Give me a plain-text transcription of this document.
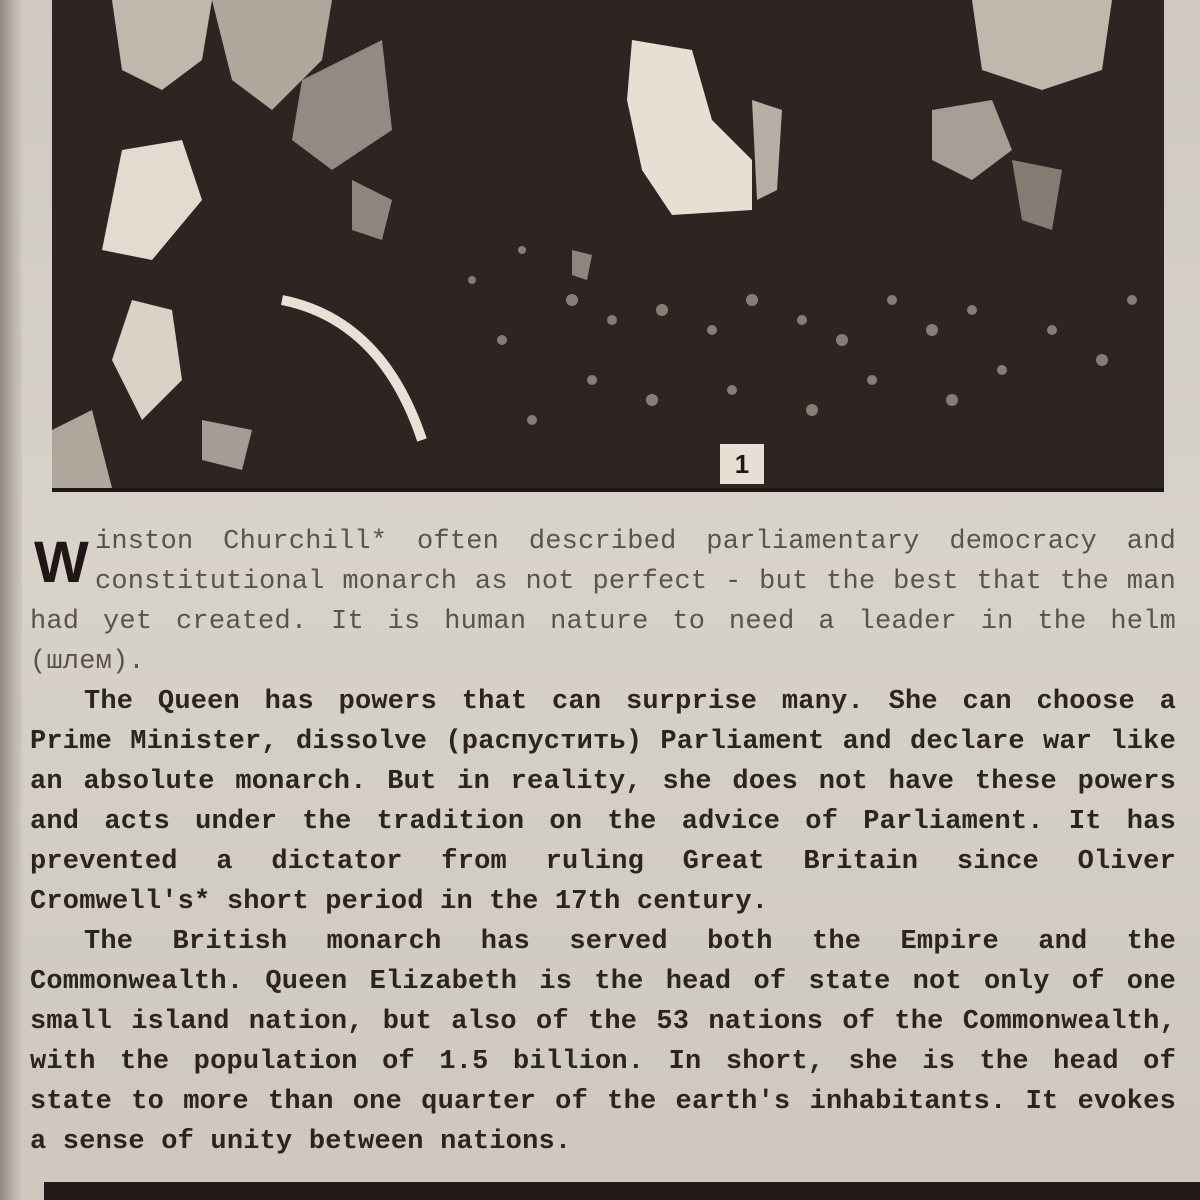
1

Winston Churchill* often described parliamentary democracy and constitutional monarch as not perfect - but the best that the man had yet created. It is human nature to need a leader in the helm (шлем).

The Queen has powers that can surprise many. She can choose a Prime Minister, dissolve (распустить) Parliament and declare war like an absolute monarch. But in reality, she does not have these powers and acts under the tradition on the advice of Parliament. It has prevented a dictator from ruling Great Britain since Oliver Cromwell's* short period in the 17th century.

The British monarch has served both the Empire and the Commonwealth. Queen Elizabeth is the head of state not only of one small island nation, but also of the 53 nations of the Commonwealth, with the population of 1.5 billion. In short, she is the head of state to more than one quarter of the earth's inhabitants. It evokes a sense of unity between nations.
